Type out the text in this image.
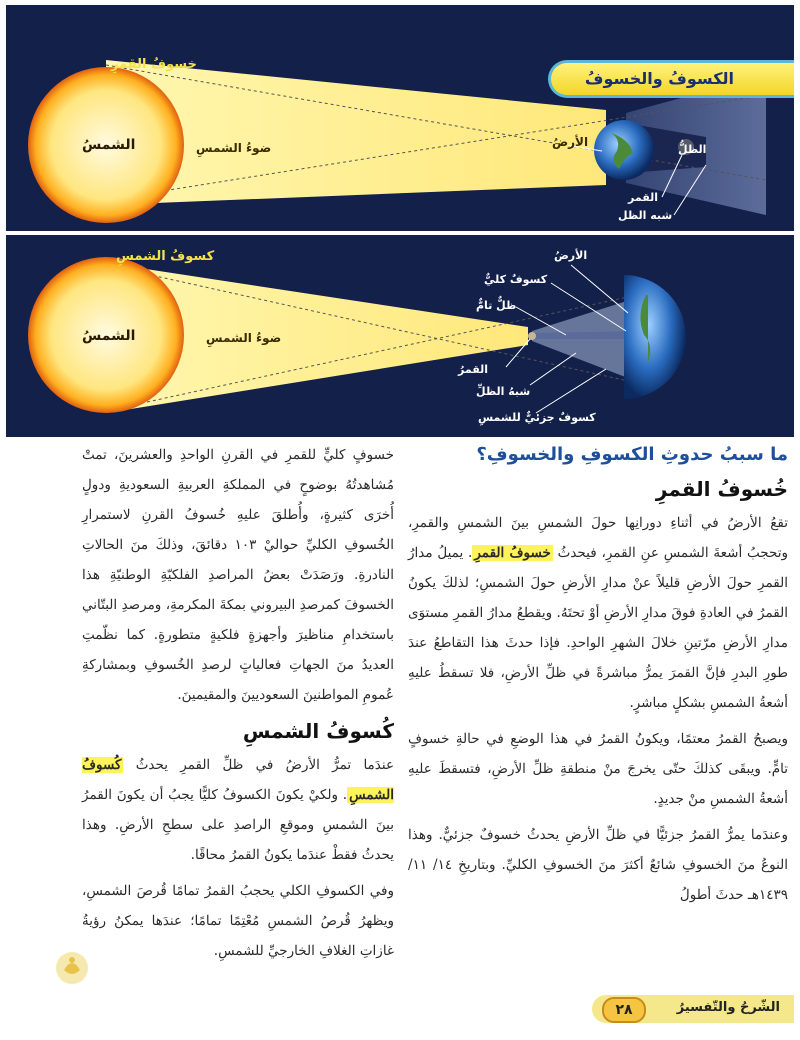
خسوفُ القمرِ
الشمسُ	ضوءُ الشمسِ	الأرضُ
الظلُّ
القمر
شبه الظل
الكسوفُ والخسوفُ
كسوفُ الشمسِ
الشمسُ	ضوءُ الشمسِ
الأرضُ
كسوفٌ كليٌّ
ظلٌّ تامٌّ
القمرُ
شبهُ الظلِّ
كسوفٌ جزئيٌّ للشمسِ
ما سببُ حدوثِ الكسوفِ والخسوفِ؟
خُسوفُ القمرِ

تقعُ الأرضُ في أثناءِ دورانِها حولَ الشمسِ بينَ الشمسِ والقمرِ، وتحجبُ أشعةَ الشمسِ عنِ القمرِ، فيحدثُ خسوفُ القمرِ. يميلُ مدارُ القمرِ حولَ الأرضِ قليلاً عنْ مدارِ الأرضِ حولَ الشمسِ؛ لذلكَ يكونُ القمرُ في العادةِ فوقَ مدارِ الأرضِ أوْ تحتَهُ. ويقطعُ مدارُ القمرِ مستوَى مدارِ الأرضِ مرّتينِ خلالَ الشهرِ الواحدِ. فإذا حدثَ هذا التقاطعُ عندَ طورِ البدرِ فإنَّ القمرَ يمرُّ مباشرةً في ظلِّ الأرضِ، فلا تسقطُ عليهِ أشعةُ الشمسِ بشكلٍ مباشرٍ.

ويصبحُ القمرُ معتمًا، ويكونُ القمرُ في هذا الوضعِ في حالةِ خسوفٍ تامٍّ. ويبقَى كذلكَ حتّى يخرجَ منْ منطقةِ ظلِّ الأرضِ، فتسقطَ عليهِ أشعةُ الشمسِ منْ جديدٍ.

وعندَما يمرُّ القمرُ جزئيًّا في ظلِّ الأرضِ يحدثُ خسوفٌ جزئيٌّ. وهذا النوعُ منَ الخسوفِ شائعٌ أكثرَ منَ الخسوفِ الكليِّ. وبتاريخِ ١٤/ ١١/ ١٤٣٩هـ حدثَ أطولُ

خسوفٍ كليٍّ للقمرِ في القرنِ الواحدِ والعشرينَ، تمتْ مُشاهدتُهُ بوضوحٍ في المملكةِ العربيةِ السعوديةِ ودولٍ أُخرَى كثيرةٍ، وأُطلقَ عليهِ خُسوفُ القرنِ لاستمرارِ الخُسوفِ الكليِّ حواليْ ١٠٣ دقائقَ، وذلكَ منَ الحالاتِ النادرةِ. ورَصَدَتْ بعضُ المراصدِ الفلكيّةِ الوطنيّةِ هذا الخسوفَ كمرصدِ البيروني بمكةَ المكرمةِ، ومرصدِ البتّاني باستخدامِ مناظيرَ وأجهزةٍ فلكيةٍ متطورةٍ. كما نظّمتِ العديدُ منَ الجهاتِ فعالياتٍ لرصدِ الخُسوفِ وبمشاركةِ عُمومِ المواطنينَ السعوديينَ والمقيمينَ.

كُسوفُ الشمسِ

عندَما تمرُّ الأرضُ في ظلِّ القمرِ يحدثُ كُسوفُ الشمسِ. ولكيْ يكونَ الكسوفُ كليًّا يجبُ أن يكونَ القمرُ بينَ الشمسِ وموقعِ الراصدِ على سطحِ الأرضِ. وهذا يحدثُ فقطْ عندَما يكونُ القمرُ محاقًا.

وفي الكسوفِ الكلي يحجبُ القمرُ تمامًا قُرصَ الشمسِ، ويظهرُ قُرصُ الشمسِ مُعْتِمًا تمامًا؛ عندَها يمكنُ رؤيةُ غازاتِ الغلافِ الخارجيِّ للشمسِ.

٢٨	الشّرحُ والتّفسيرُ
